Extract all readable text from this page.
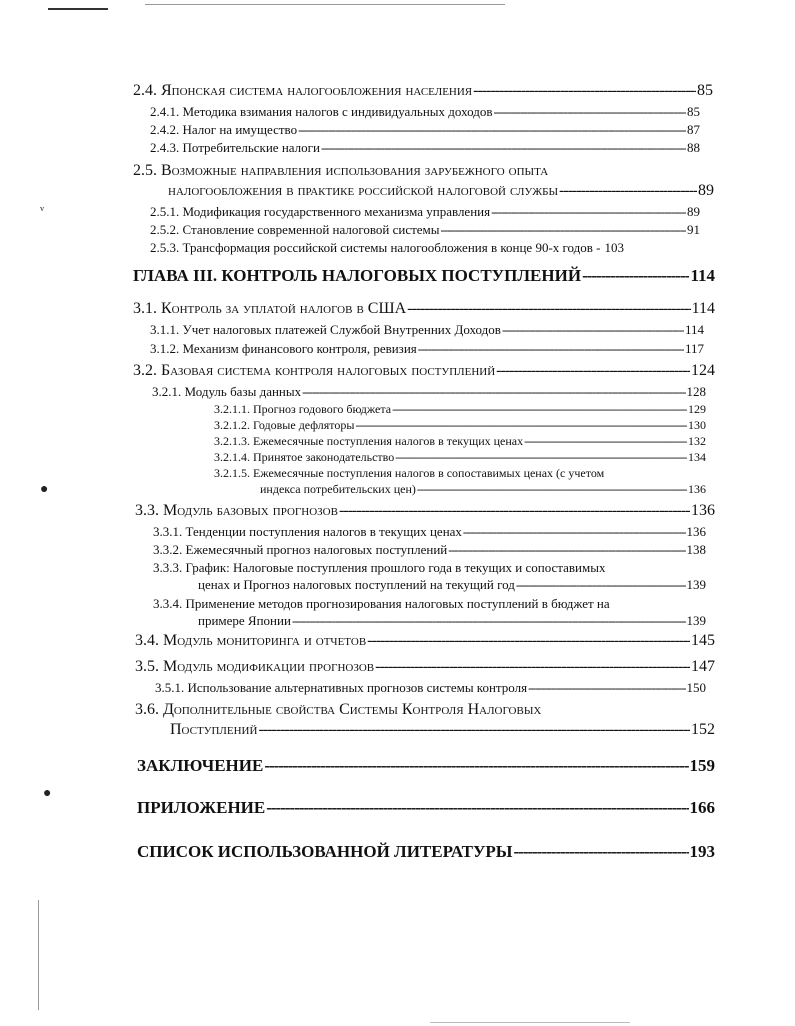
ᵛ
●
●
2.4. Японская система налогообложения населения -----	85
2.4.1. Методика взимания налогов с индивидуальных доходов -----	85
2.4.2. Налог на имущество -----	87
2.4.3. Потребительские налоги -----	88
2.5. Возможные направления использования зарубежного опыта
налогообложения в практике российской налоговой службы -----	89
2.5.1. Модификация государственного механизма управления -----	89
2.5.2. Становление современной налоговой системы -----	91
2.5.3. Трансформация российской системы налогообложения в конце 90-х годов - 103
ГЛАВА III. КОНТРОЛЬ НАЛОГОВЫХ ПОСТУПЛЕНИЙ -----	114
3.1. Контроль за уплатой налогов в США -----	114
3.1.1. Учет налоговых платежей Службой Внутренних Доходов -----	114
3.1.2. Механизм финансового контроля, ревизия -----	117
3.2. Базовая система контроля налоговых поступлений -----	124
3.2.1. Модуль базы данных -----	128
3.2.1.1. Прогноз годового бюджета -----	129
3.2.1.2. Годовые дефляторы -----	130
3.2.1.3. Ежемесячные поступления налогов в текущих ценах -----	132
3.2.1.4. Принятое законодательство -----	134
3.2.1.5. Ежемесячные поступления налогов в сопоставимых ценах (с учетом
индекса потребительских цен) -----	136
3.3. Модуль базовых прогнозов -----	136
3.3.1. Тенденции поступления налогов в текущих ценах -----	136
3.3.2. Ежемесячный прогноз налоговых поступлений -----	138
3.3.3. График: Налоговые поступления прошлого года в текущих и сопоставимых
ценах и Прогноз налоговых поступлений на текущий год -----	139
3.3.4. Применение методов прогнозирования налоговых поступлений в бюджет на
примере Японии -----	139
3.4. Модуль мониторинга и отчетов -----	145
3.5. Модуль модификации прогнозов -----	147
3.5.1. Использование альтернативных прогнозов системы контроля -----	150
3.6. Дополнительные свойства Системы Контроля Налоговых
Поступлений -----	152
ЗАКЛЮЧЕНИЕ -----	159
ПРИЛОЖЕНИЕ -----	166
СПИСОК ИСПОЛЬЗОВАННОЙ ЛИТЕРАТУРЫ -----	193
